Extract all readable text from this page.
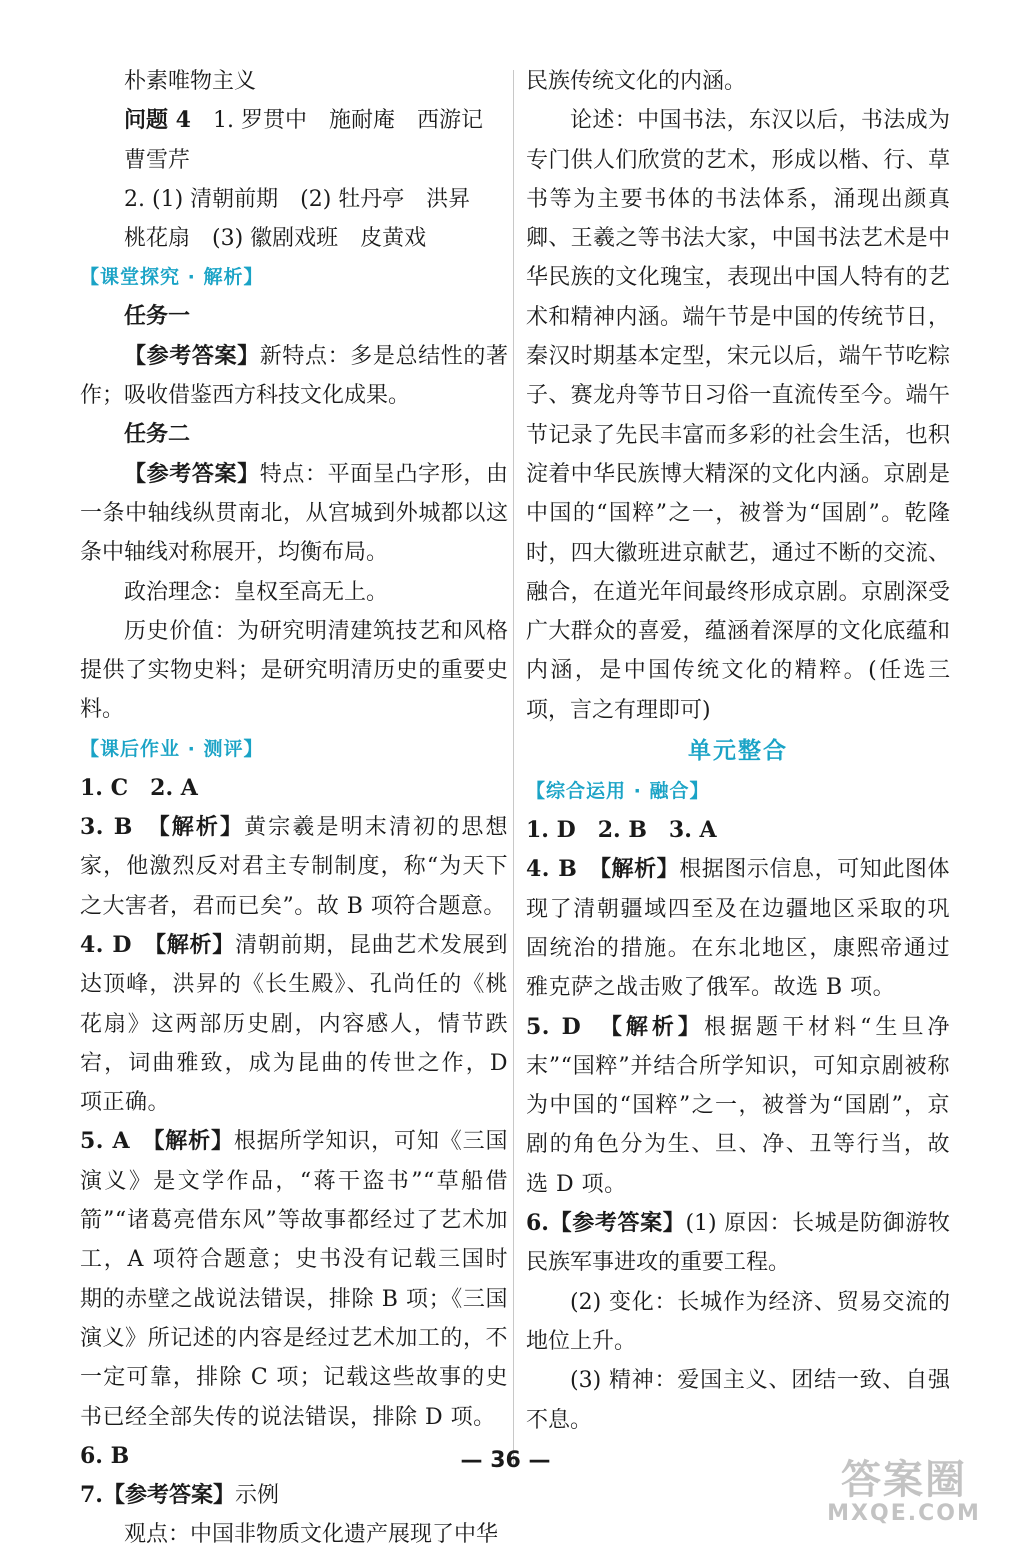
朴素唯物主义

问题 4　 1. 罗贯中　施耐庵　西游记

曹雪芹

2. (1) 清朝前期　(2) 牡丹亭　洪昇

桃花扇　(3) 徽剧戏班　皮黄戏

【课堂探究 · 解析】

任务一

【参考答案】新特点：多是总结性的著作；吸收借鉴西方科技文化成果。

任务二

【参考答案】特点：平面呈凸字形，由一条中轴线纵贯南北，从宫城到外城都以这条中轴线对称展开，均衡布局。

政治理念：皇权至高无上。

历史价值：为研究明清建筑技艺和风格提供了实物史料；是研究明清历史的重要史料。

【课后作业 · 测评】

1. C　2. A

3. B　 【解析】黄宗羲是明末清初的思想家，他激烈反对君主专制制度，称“为天下之大害者，君而已矣”。故 B 项符合题意。

4. D　 【解析】清朝前期，昆曲艺术发展到达顶峰，洪昇的《长生殿》、孔尚任的《桃花扇》这两部历史剧，内容感人，情节跌宕，词曲雅致，成为昆曲的传世之作，D 项正确。

5. A　 【解析】根据所学知识，可知《三国演义》是文学作品，“蒋干盗书”“草船借箭”“诸葛亮借东风”等故事都经过了艺术加工，A 项符合题意；史书没有记载三国时期的赤壁之战说法错误，排除 B 项；《三国演义》所记述的内容是经过艺术加工的，不一定可靠，排除 C 项；记载这些故事的史书已经全部失传的说法错误，排除 D 项。

6. B

7.【参考答案】示例

观点：中国非物质文化遗产展现了中华

民族传统文化的内涵。

论述：中国书法，东汉以后，书法成为专门供人们欣赏的艺术，形成以楷、行、草书等为主要书体的书法体系，涌现出颜真卿、王羲之等书法大家，中国书法艺术是中华民族的文化瑰宝，表现出中国人特有的艺术和精神内涵。端午节是中国的传统节日，秦汉时期基本定型，宋元以后，端午节吃粽子、赛龙舟等节日习俗一直流传至今。端午节记录了先民丰富而多彩的社会生活，也积淀着中华民族博大精深的文化内涵。京剧是中国的“国粹”之一，被誉为“国剧”。乾隆时，四大徽班进京献艺，通过不断的交流、融合，在道光年间最终形成京剧。京剧深受广大群众的喜爱，蕴涵着深厚的文化底蕴和内涵，是中国传统文化的精粹。(任选三项，言之有理即可)

单元整合
【综合运用 · 融合】

1. D　2. B　3. A

4. B　 【解析】根据图示信息，可知此图体现了清朝疆域四至及在边疆地区采取的巩固统治的措施。在东北地区，康熙帝通过雅克萨之战击败了俄军。故选 B 项。

5. D　 【解析】根据题干材料“生旦净末”“国粹”并结合所学知识，可知京剧被称为中国的“国粹”之一，被誉为“国剧”，京剧的角色分为生、旦、净、丑等行当，故选 D 项。

6.【参考答案】(1) 原因：长城是防御游牧民族军事进攻的重要工程。

(2) 变化：长城作为经济、贸易交流的地位上升。

(3) 精神：爱国主义、团结一致、自强不息。

— 36 —	答案圈
MXQE.COM
